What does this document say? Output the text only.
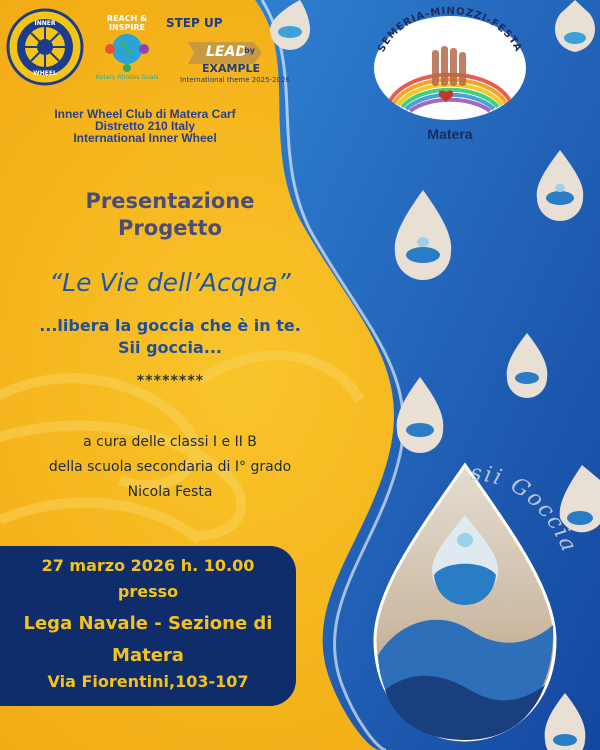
INNER
WHEEL
REACH & INSPIRE
Rotary Rhodes Goals
STEP UP
LEAD
by
EXAMPLE
International theme 2025-2026
Inner Wheel Club di Matera Carf
Distretto 210 Italy
International Inner Wheel
SEMERIA-MINOZZI-FESTA
Matera
Presentazione
Progetto
“Le Vie dell’Acqua”
...libera la goccia che è in te.
Sii goccia...
********
a cura delle classi I e II B
della scuola secondaria di I° grado
Nicola Festa
27 marzo 2026 h. 10.00
presso
Lega Navale - Sezione di
Matera
Via Fiorentini,103-107
sii Goccia
